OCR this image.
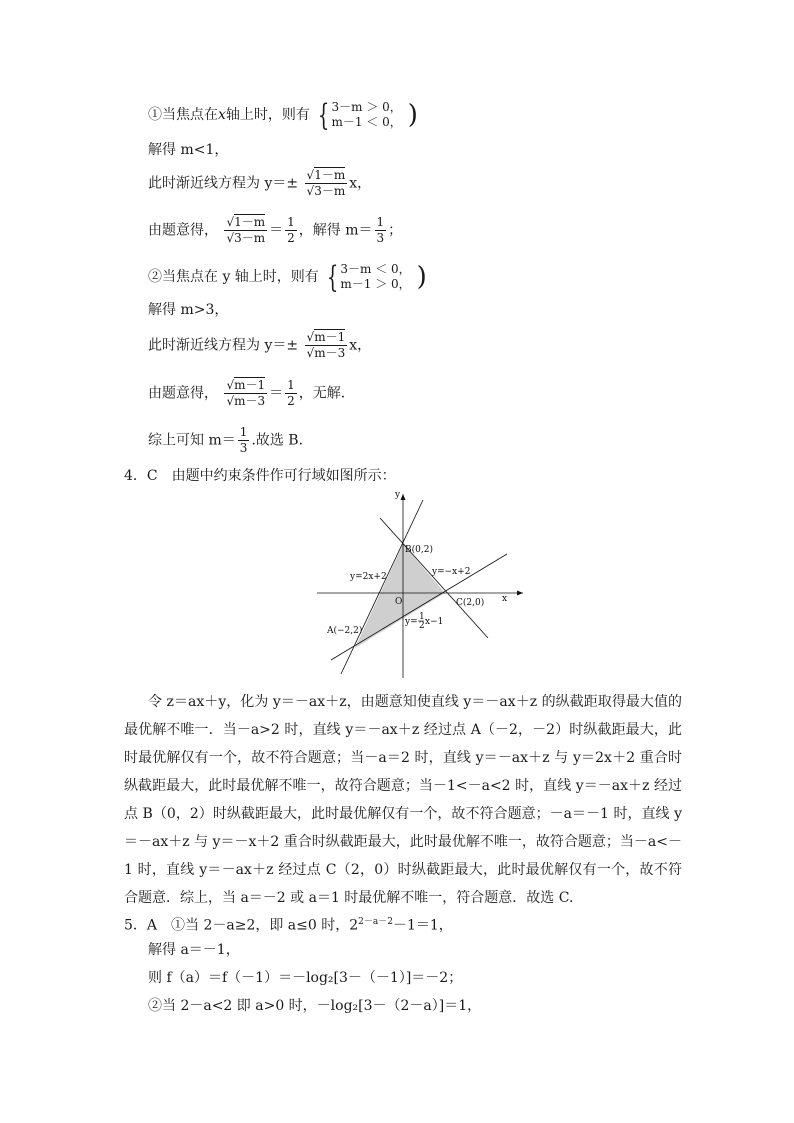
①当焦点在x轴上时，则有 { 3－m ＞ 0，
m－1 ＜ 0， )
解得 m<1，
此时渐近线方程为 $y=\pm \frac{√1-m}{√3-m}$ x，
由题意得， $\frac{√1-m}{√3-m} = \frac{1}{2}$ ，解得 $m= \frac{1}{3}$ ；
②当焦点在 y 轴上时，则有 { 3－m ＜ 0，
m－1 ＞ 0， )
解得 m>3，
此时渐近线方程为 $y=\pm \frac{√m-1}{√m-3}$ x，
由题意得， $\frac{√m-1}{√m-3} = \frac{1}{2}$ ，无解．
综上可知 $m= \frac{1}{3}$ .故选 B.
4．C　由题中约束条件作可行域如图所示：
y
x
O
B(0,2)
C(2,0)
A(−2,2)
y=2x+2	y=−x+2
y= 1
2 x−1
令 z＝ax＋y，化为 y＝－ax＋z，由题意知使直线 y＝－ax＋z 的纵截距取得最大值的最优解不唯一．当－a>2 时，直线 y＝－ax＋z 经过点 A（－2，－2）时纵截距最大，此时最优解仅有一个，故不符合题意；当－a＝2 时，直线 y＝－ax＋z 与 y＝2x＋2 重合时纵截距最大，此时最优解不唯一，故符合题意；当－1<－a<2 时，直线 y＝－ax＋z 经过点 B（0，2）时纵截距最大，此时最优解仅有一个，故不符合题意；－a＝－1 时，直线 y＝－ax＋z 与 y＝－x＋2 重合时纵截距最大，此时最优解不唯一，故符合题意；当－a<－1 时，直线 y＝－ax＋z 经过点 C（2，0）时纵截距最大，此时最优解仅有一个，故不符合题意．综上，当 a＝－2 或 a＝1 时最优解不唯一，符合题意．故选 C.
5．A　①当 2－a≥2，即 a≤0 时，$2^{2-a-2}-1=1$，
解得 a＝－1，
则 f（a）＝f（－1）＝－log₂[3－（－1）]＝－2；
②当 2－a<2 即 a>0 时，－log₂[3－（2－a）]＝1，
